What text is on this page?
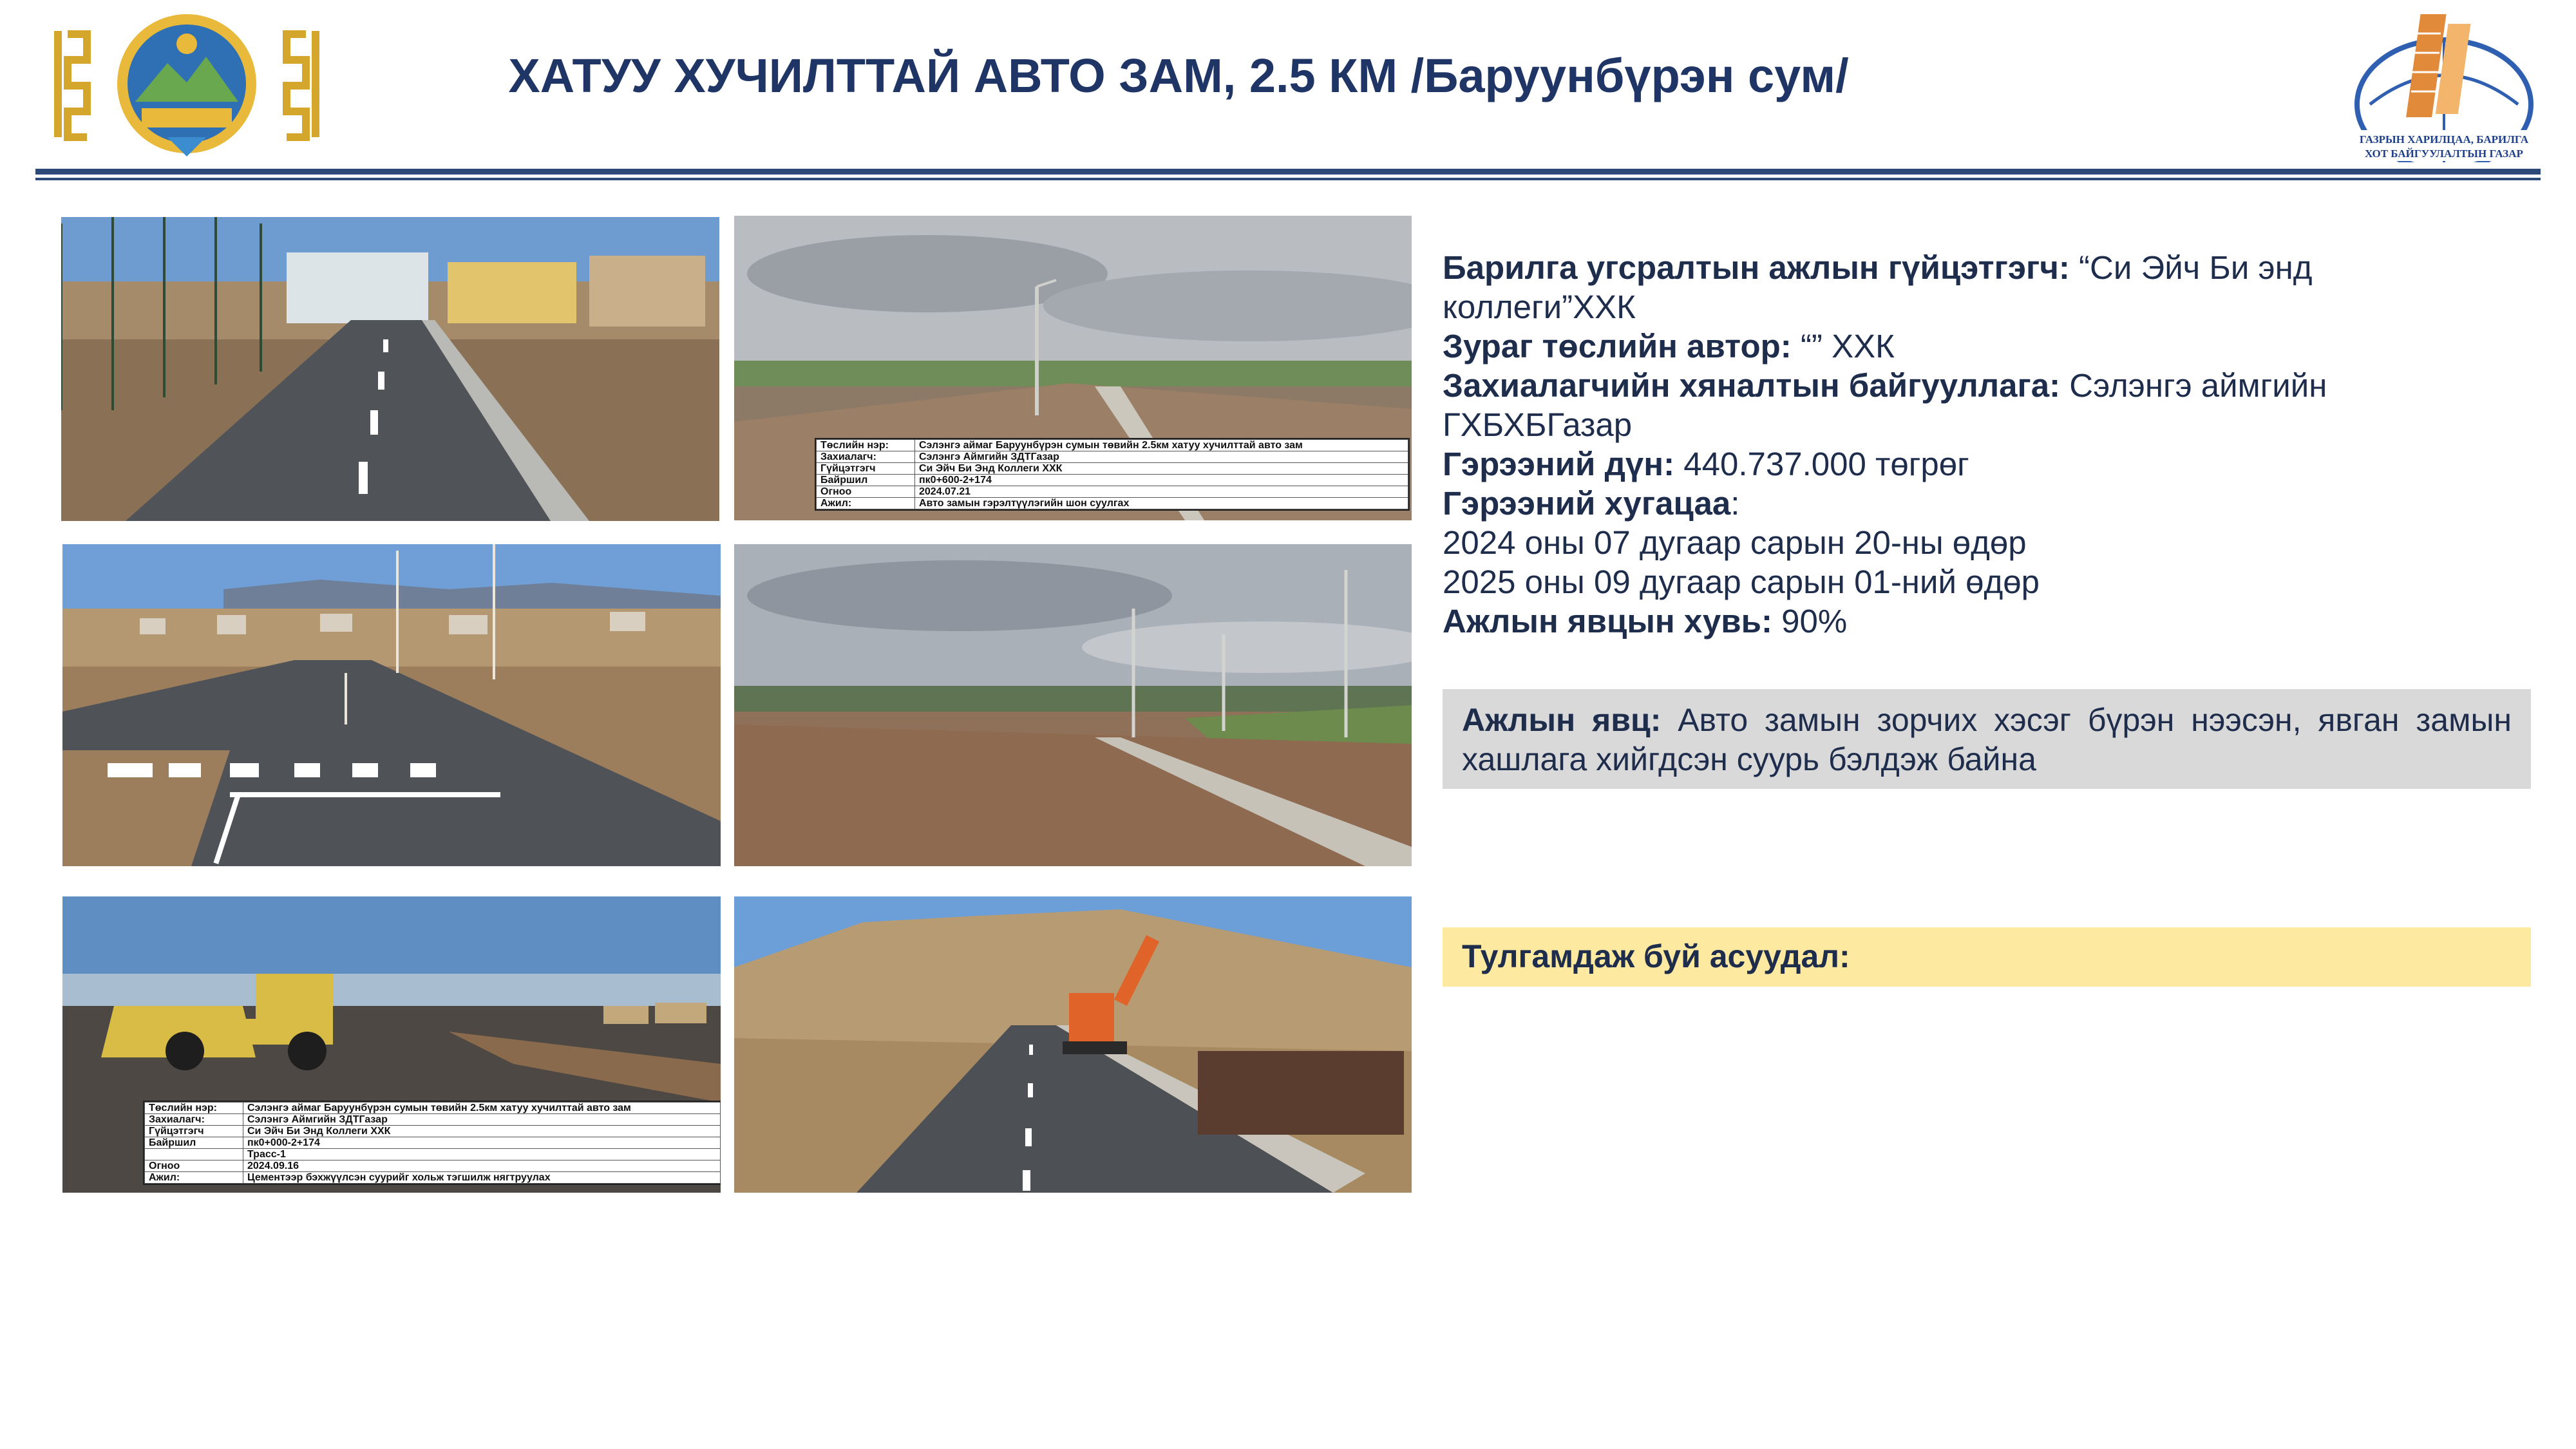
ХАТУУ ХУЧИЛТТАЙ АВТО ЗАМ, 2.5 КМ /Баруунбүрэн сум/
ГАЗРЫН ХАРИЛЦАА, БАРИЛГА
ХОТ БАЙГУУЛАЛТЫН ГАЗАР
Төслийн нэр:	Сэлэнгэ аймаг Баруунбүрэн сумын төвийн 2.5км хатуу хучилттай авто зам
Захиалагч:	Сэлэнгэ Аймгийн ЗДТГазар
Гүйцэтгэгч	Си Эйч Би Энд Коллеги ХХК
Байршил	пк0+600-2+174
Огноо	2024.07.21
Ажил:	Авто замын гэрэлтүүлэгийн шон суулгах
Төслийн нэр:	Сэлэнгэ аймаг Баруунбүрэн сумын төвийн 2.5км хатуу хучилттай авто зам
Захиалагч:	Сэлэнгэ Аймгийн ЗДТГазар
Гүйцэтгэгч	Си Эйч Би Энд Коллеги ХХК
Байршил	пк0+000-2+174
	Трасс-1
Огноо	2024.09.16
Ажил:	Цементээр бэхжүүлсэн суурийг хольж тэгшилж нягтруулах
Барилга угсралтын ажлын гүйцэтгэгч: “Си Эйч Би энд коллеги”ХХК
Зураг төслийн автор: “” ХХК
Захиалагчийн хяналтын байгууллага: Сэлэнгэ аймгийн ГХБХБГазар
Гэрээний дүн: 440.737.000 төгрөг
Гэрээний хугацаа:
2024 оны 07 дугаар сарын 20-ны өдөр
2025 оны 09 дугаар сарын 01-ний өдөр
Ажлын явцын хувь: 90%
Ажлын явц: Авто замын зорчих хэсэг бүрэн нээсэн, явган замын хашлага хийгдсэн суурь бэлдэж байна
Тулгамдаж буй асуудал:
